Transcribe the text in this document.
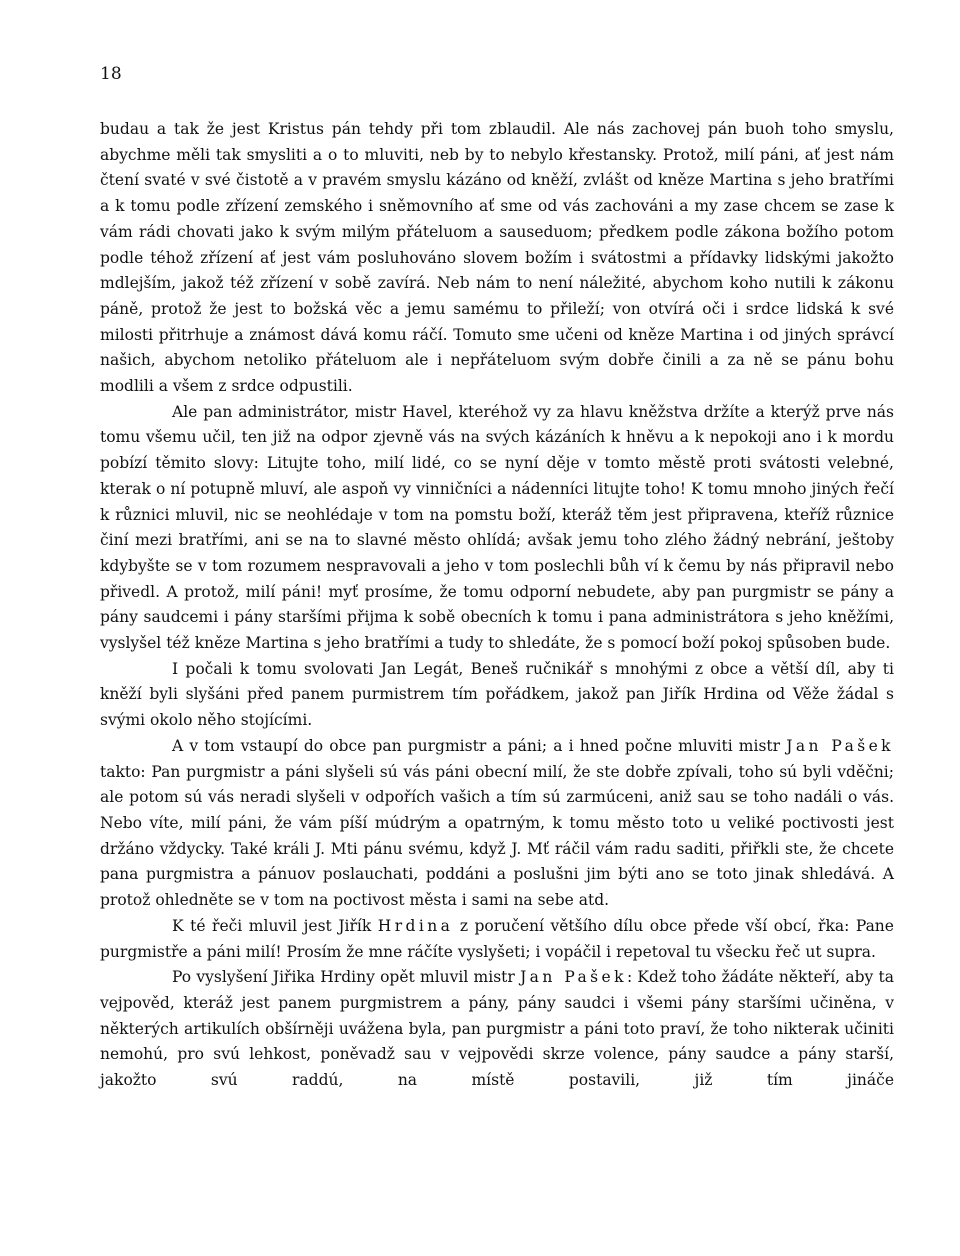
18

budau a tak že jest Kristus pán tehdy při tom zblaudil. Ale nás zachovej pán buoh toho smyslu, abychme měli tak smysliti a o to mluviti, neb by to nebylo křestansky. Protož, milí páni, ať jest nám čtení svaté v své čistotě a v pravém smyslu kázáno od kněží, zvlášt od kněze Martina s jeho bratřími a k tomu podle zřízení zemského i sněmovního ať sme od vás zachováni a my zase chcem se zase k vám rádi chovati jako k svým milým přáteluom a sauseduom; předkem podle zákona božího potom podle téhož zřízení ať jest vám posluhováno slovem božím i svátostmi a přídavky lidskými jakožto mdlejším, jakož též zřízení v sobě zavírá. Neb nám to není náležité, abychom koho nutili k zákonu páně, protož že jest to božská věc a jemu samému to přileží; von otvírá oči i srdce lidská k své milosti přitrhuje a známost dává komu ráčí. Tomuto sme učeni od kněze Martina i od jiných správcí našich, abychom netoliko přáteluom ale i nepřáteluom svým dobře činili a za ně se pánu bohu modlili a všem z srdce odpustili.

Ale pan administrátor, mistr Havel, kteréhož vy za hlavu kněžstva držíte a kterýž prve nás tomu všemu učil, ten již na odpor zjevně vás na svých kázáních k hněvu a k nepokoji ano i k mordu pobízí těmito slovy: Litujte toho, milí lidé, co se nyní děje v tomto městě proti svátosti velebné, kterak o ní potupně mluví, ale aspoň vy vinničníci a nádenníci litujte toho! K tomu mnoho jiných řečí k různici mluvil, nic se neohlédaje v tom na pomstu boží, kteráž těm jest připravena, kteříž různice činí mezi bratřími, ani se na to slavné město ohlídá; avšak jemu toho zlého žádný nebrání, ještoby kdybyšte se v tom rozumem nespravovali a jeho v tom poslechli bůh ví k čemu by nás připravil nebo přivedl. A protož, milí páni! myť prosíme, že tomu odporní nebudete, aby pan purgmistr se pány a pány saudcemi i pány staršími přijma k sobě obecních k tomu i pana administrátora s jeho kněžími, vyslyšel též kněze Martina s jeho bratřími a tudy to shledáte, že s pomocí boží pokoj spůsoben bude.

I počali k tomu svolovati Jan Legát, Beneš ručnikář s mnohými z obce a větší díl, aby ti kněží byli slyšáni před panem purmistrem tím pořádkem, jakož pan Jiřík Hrdina od Věže žádal s svými okolo něho stojícími.

A v tom vstaupí do obce pan purgmistr a páni; a i hned počne mluviti mistr Jan Pašek takto: Pan purgmistr a páni slyšeli sú vás páni obecní milí, že ste dobře zpívali, toho sú byli vděčni; ale potom sú vás neradi slyšeli v odpořích vašich a tím sú zarmúceni, aniž sau se toho nadáli o vás. Nebo víte, milí páni, že vám píší múdrým a opatrným, k tomu město toto u veliké poctivosti jest držáno vždycky. Také králi J. Mti pánu svému, když J. Mť ráčil vám radu saditi, přiřkli ste, že chcete pana purgmistra a pánuov poslauchati, poddáni a poslušni jim býti ano se toto jinak shledává. A protož ohledněte se v tom na poctivost města i sami na sebe atd.

K té řeči mluvil jest Jiřík Hrdina z poručení většího dílu obce přede vší obcí, řka: Pane purgmistře a páni milí! Prosím že mne ráčíte vyslyšeti; i vopáčil i repetoval tu všecku řeč ut supra.

Po vyslyšení Jiřika Hrdiny opět mluvil mistr Jan Pašek: Kdež toho žádáte někteří, aby ta vejpověd, kteráž jest panem purgmistrem a pány, pány saudci i všemi pány staršími učiněna, v některých artikulích obšírněji uvážena byla, pan purgmistr a páni toto praví, že toho nikterak učiniti nemohú, pro svú lehkost, poněvadž sau v vejpovědi skrze volence, pány saudce a pány starší, jakožto svú raddú, na místě postavili, již tím jináče
